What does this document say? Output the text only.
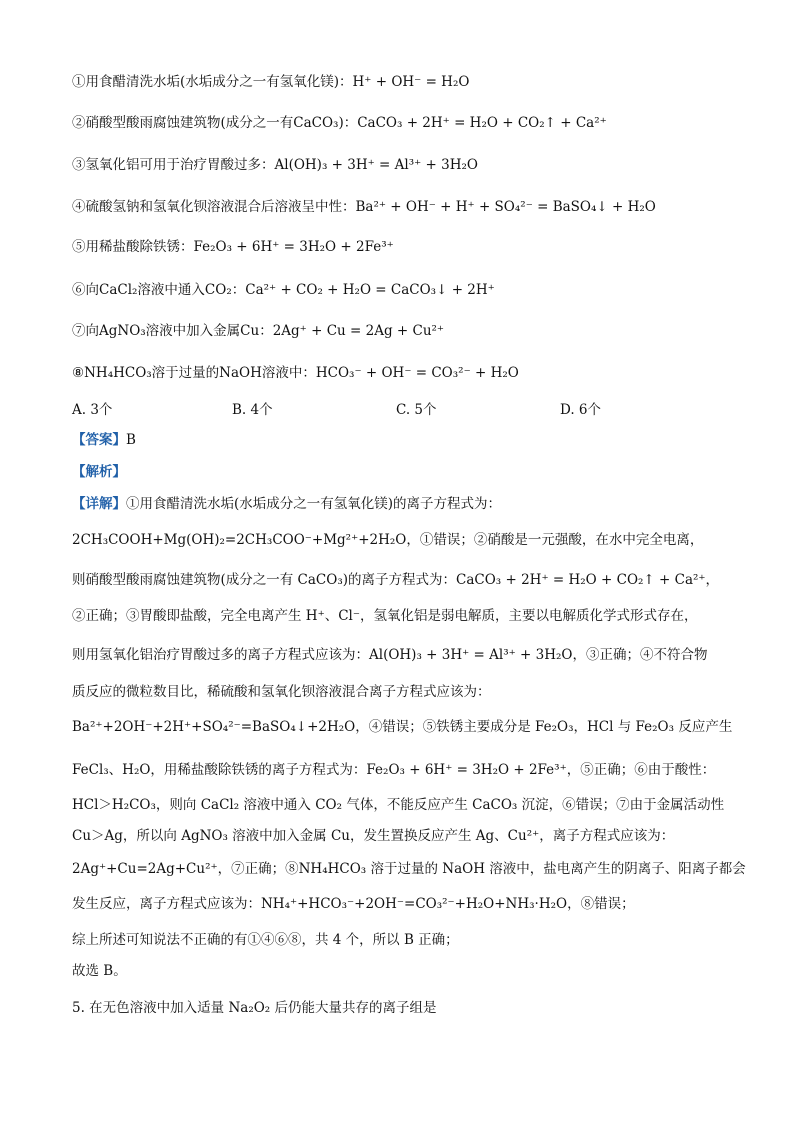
①用食醋清洗水垢(水垢成分之一有氢氧化镁)：H⁺ + OH⁻ = H₂O
②硝酸型酸雨腐蚀建筑物(成分之一有CaCO₃)：CaCO₃ + 2H⁺ = H₂O + CO₂↑ + Ca²⁺
③氢氧化铝可用于治疗胃酸过多：Al(OH)₃ + 3H⁺ = Al³⁺ + 3H₂O
④硫酸氢钠和氢氧化钡溶液混合后溶液呈中性：Ba²⁺ + OH⁻ + H⁺ + SO₄²⁻ = BaSO₄↓ + H₂O
⑤用稀盐酸除铁锈：Fe₂O₃ + 6H⁺ = 3H₂O + 2Fe³⁺
⑥向CaCl₂溶液中通入CO₂：Ca²⁺ + CO₂ + H₂O = CaCO₃↓ + 2H⁺
⑦向AgNO₃溶液中加入金属Cu：2Ag⁺ + Cu = 2Ag + Cu²⁺
⑧NH₄HCO₃溶于过量的NaOH溶液中：HCO₃⁻ + OH⁻ = CO₃²⁻ + H₂O
A. 3个	B. 4个	C. 5个	D. 6个
【答案】B
【解析】
【详解】①用食醋清洗水垢(水垢成分之一有氢氧化镁)的离子方程式为：
2CH₃COOH+Mg(OH)₂=2CH₃COO⁻+Mg²⁺+2H₂O，①错误；②硝酸是一元强酸，在水中完全电离，
则硝酸型酸雨腐蚀建筑物(成分之一有 CaCO₃)的离子方程式为：CaCO₃ + 2H⁺ = H₂O + CO₂↑ + Ca²⁺，
②正确；③胃酸即盐酸，完全电离产生 H⁺、Cl⁻，氢氧化铝是弱电解质，主要以电解质化学式形式存在，
则用氢氧化铝治疗胃酸过多的离子方程式应该为：Al(OH)₃ + 3H⁺ = Al³⁺ + 3H₂O，③正确；④不符合物
质反应的微粒数目比，稀硫酸和氢氧化钡溶液混合离子方程式应该为：
Ba²⁺+2OH⁻+2H⁺+SO₄²⁻=BaSO₄↓+2H₂O，④错误；⑤铁锈主要成分是 Fe₂O₃，HCl 与 Fe₂O₃ 反应产生
FeCl₃、H₂O，用稀盐酸除铁锈的离子方程式为：Fe₂O₃ + 6H⁺ = 3H₂O + 2Fe³⁺，⑤正确；⑥由于酸性：
HCl＞H₂CO₃，则向 CaCl₂ 溶液中通入 CO₂ 气体，不能反应产生 CaCO₃ 沉淀，⑥错误；⑦由于金属活动性
Cu＞Ag，所以向 AgNO₃ 溶液中加入金属 Cu，发生置换反应产生 Ag、Cu²⁺，离子方程式应该为：
2Ag⁺+Cu=2Ag+Cu²⁺，⑦正确；⑧NH₄HCO₃ 溶于过量的 NaOH 溶液中，盐电离产生的阴离子、阳离子都会
发生反应，离子方程式应该为：NH₄⁺+HCO₃⁻+2OH⁻=CO₃²⁻+H₂O+NH₃·H₂O，⑧错误；
综上所述可知说法不正确的有①④⑥⑧，共 4 个，所以 B 正确；
故选 B。
5. 在无色溶液中加入适量 Na₂O₂ 后仍能大量共存的离子组是
